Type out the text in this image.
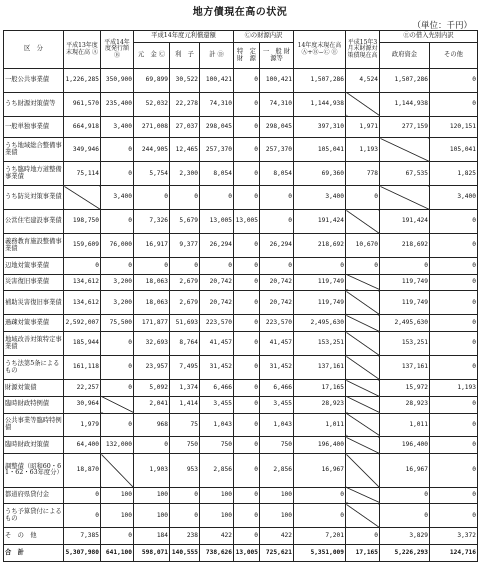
地方債現在高の状況
（単位：千円）
区　分	平成13年度末現在高 Ⓐ	平成14年度発行額 Ⓑ	平成14年度元利償還額			Ⓒの財源内訳		14年度末現在高 Ⓐ+Ⓑ−Ⓒ Ⓔ	平成15年3月末財源対策債現在高	Ⓔの借入先別内訳	
			元　金 Ⓒ	利　子	計 Ⓓ	特　定 財　源	一　般 財源等			政府資金	その他
一般公共事業債	1,226,285	350,900	69,899	30,522	100,421	0	100,421	1,507,286	4,524	1,507,286	0
うち財源対策債等	961,570	235,400	52,032	22,278	74,310	0	74,310	1,144,938		1,144,938	0
一般単独事業債	664,918	3,400	271,008	27,037	298,045	0	298,045	397,310	1,971	277,159	120,151
うち地域総合整備事業債	349,946	0	244,905	12,465	257,370	0	257,370	105,041	1,193		105,041
うち臨時地方道整備事業債	75,114	0	5,754	2,300	8,054	0	8,054	69,360	778	67,535	1,825
うち防災対策事業債		3,400	0	0	0	0	0	3,400	0		3,400
公営住宅建設事業債	198,750	0	7,326	5,679	13,005	13,005	0	191,424		191,424	0
義務教育施設整備事業債	159,609	76,000	16,917	9,377	26,294	0	26,294	218,692	10,670	218,692	0
辺地対策事業債	0	0	0	0	0	0	0	0	0	0	0
災害復旧事業債	134,612	3,200	18,063	2,679	20,742	0	20,742	119,749		119,749	0
補助災害復旧事業債	134,612	3,200	18,063	2,679	20,742	0	20,742	119,749		119,749	0
過疎対策事業債	2,592,007	75,500	171,877	51,693	223,570	0	223,570	2,495,630		2,495,630	0
地域改善対策特定事業債	185,944	0	32,693	8,764	41,457	0	41,457	153,251		153,251	0
うち法第5条によるもの	161,118	0	23,957	7,495	31,452	0	31,452	137,161		137,161	0
財源対策債	22,257	0	5,092	1,374	6,466	0	6,466	17,165		15,972	1,193
臨時財政特例債	30,964		2,041	1,414	3,455	0	3,455	28,923		28,923	0
公共事業等臨時特例債	1,979	0	968	75	1,043	0	1,043	1,011		1,011	0
臨時財政対策債	64,400	132,000	0	750	750	0	750	196,400		196,400	0
調整債（昭和60・61・62・63年度分）	18,870		1,903	953	2,856	0	2,856	16,967		16,967	0
都道府県貸付金	0	100	100	0	100	0	100	0		0	0
うち予算貸付によるもの	0	100	100	0	100	0	100	0		0	0
そ　の　他	7,385	0	184	238	422	0	422	7,201	0	3,829	3,372
合　計	5,307,980	641,100	598,071	140,555	738,626	13,005	725,621	5,351,009	17,165	5,226,293	124,716
